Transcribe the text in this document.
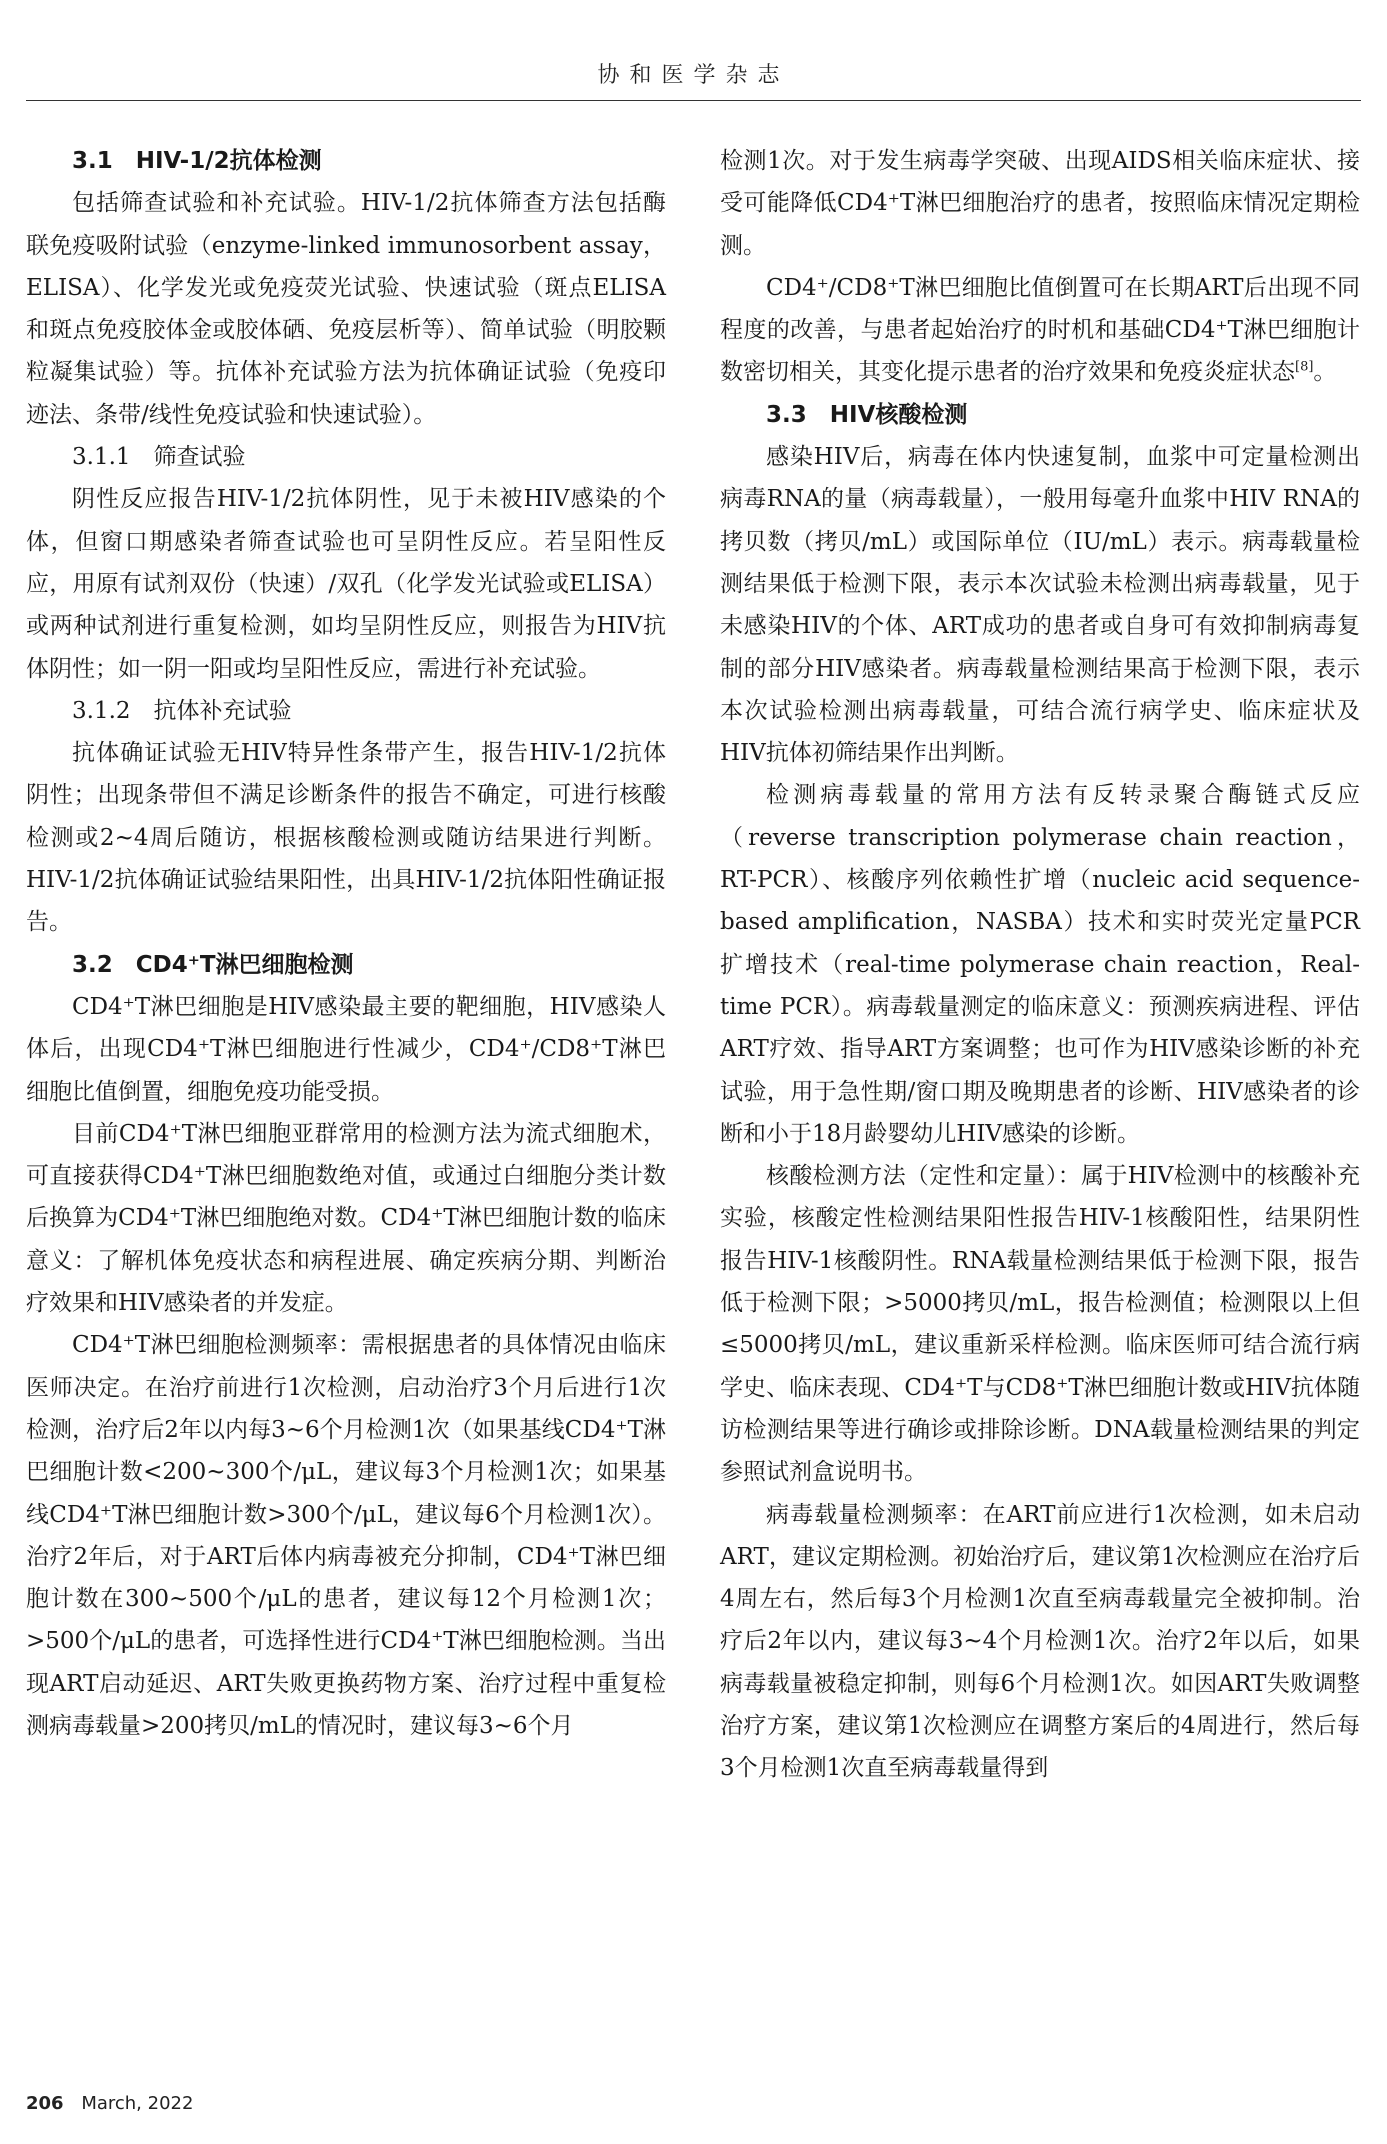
协和医学杂志

3.1　HIV-1/2抗体检测

包括筛查试验和补充试验。HIV-1/2抗体筛查方法包括酶联免疫吸附试验（enzyme-linked immunosorbent assay，ELISA）、化学发光或免疫荧光试验、快速试验（斑点ELISA和斑点免疫胶体金或胶体硒、免疫层析等）、简单试验（明胶颗粒凝集试验）等。抗体补充试验方法为抗体确证试验（免疫印迹法、条带/线性免疫试验和快速试验）。

3.1.1　筛查试验

阴性反应报告HIV-1/2抗体阴性，见于未被HIV感染的个体，但窗口期感染者筛查试验也可呈阴性反应。若呈阳性反应，用原有试剂双份（快速）/双孔（化学发光试验或ELISA）或两种试剂进行重复检测，如均呈阴性反应，则报告为HIV抗体阴性；如一阴一阳或均呈阳性反应，需进行补充试验。

3.1.2　抗体补充试验

抗体确证试验无HIV特异性条带产生，报告HIV-1/2抗体阴性；出现条带但不满足诊断条件的报告不确定，可进行核酸检测或2~4周后随访，根据核酸检测或随访结果进行判断。HIV-1/2抗体确证试验结果阳性，出具HIV-1/2抗体阳性确证报告。

3.2　CD4⁺T淋巴细胞检测

CD4⁺T淋巴细胞是HIV感染最主要的靶细胞，HIV感染人体后，出现CD4⁺T淋巴细胞进行性减少，CD4⁺/CD8⁺T淋巴细胞比值倒置，细胞免疫功能受损。

目前CD4⁺T淋巴细胞亚群常用的检测方法为流式细胞术，可直接获得CD4⁺T淋巴细胞数绝对值，或通过白细胞分类计数后换算为CD4⁺T淋巴细胞绝对数。CD4⁺T淋巴细胞计数的临床意义：了解机体免疫状态和病程进展、确定疾病分期、判断治疗效果和HIV感染者的并发症。

CD4⁺T淋巴细胞检测频率：需根据患者的具体情况由临床医师决定。在治疗前进行1次检测，启动治疗3个月后进行1次检测，治疗后2年以内每3~6个月检测1次（如果基线CD4⁺T淋巴细胞计数<200~300个/μL，建议每3个月检测1次；如果基线CD4⁺T淋巴细胞计数>300个/μL，建议每6个月检测1次）。治疗2年后，对于ART后体内病毒被充分抑制，CD4⁺T淋巴细胞计数在300~500个/μL的患者，建议每12个月检测1次；>500个/μL的患者，可选择性进行CD4⁺T淋巴细胞检测。当出现ART启动延迟、ART失败更换药物方案、治疗过程中重复检测病毒载量>200拷贝/mL的情况时，建议每3~6个月

检测1次。对于发生病毒学突破、出现AIDS相关临床症状、接受可能降低CD4⁺T淋巴细胞治疗的患者，按照临床情况定期检测。

CD4⁺/CD8⁺T淋巴细胞比值倒置可在长期ART后出现不同程度的改善，与患者起始治疗的时机和基础CD4⁺T淋巴细胞计数密切相关，其变化提示患者的治疗效果和免疫炎症状态[8]。

3.3　HIV核酸检测

感染HIV后，病毒在体内快速复制，血浆中可定量检测出病毒RNA的量（病毒载量），一般用每毫升血浆中HIV RNA的拷贝数（拷贝/mL）或国际单位（IU/mL）表示。病毒载量检测结果低于检测下限，表示本次试验未检测出病毒载量，见于未感染HIV的个体、ART成功的患者或自身可有效抑制病毒复制的部分HIV感染者。病毒载量检测结果高于检测下限，表示本次试验检测出病毒载量，可结合流行病学史、临床症状及HIV抗体初筛结果作出判断。

检测病毒载量的常用方法有反转录聚合酶链式反应（reverse transcription polymerase chain reaction，RT-PCR）、核酸序列依赖性扩增（nucleic acid sequence-based amplification，NASBA）技术和实时荧光定量PCR扩增技术（real-time polymerase chain reaction，Real-time PCR）。病毒载量测定的临床意义：预测疾病进程、评估ART疗效、指导ART方案调整；也可作为HIV感染诊断的补充试验，用于急性期/窗口期及晚期患者的诊断、HIV感染者的诊断和小于18月龄婴幼儿HIV感染的诊断。

核酸检测方法（定性和定量）：属于HIV检测中的核酸补充实验，核酸定性检测结果阳性报告HIV-1核酸阳性，结果阴性报告HIV-1核酸阴性。RNA载量检测结果低于检测下限，报告低于检测下限；>5000拷贝/mL，报告检测值；检测限以上但≤5000拷贝/mL，建议重新采样检测。临床医师可结合流行病学史、临床表现、CD4⁺T与CD8⁺T淋巴细胞计数或HIV抗体随访检测结果等进行确诊或排除诊断。DNA载量检测结果的判定参照试剂盒说明书。

病毒载量检测频率：在ART前应进行1次检测，如未启动ART，建议定期检测。初始治疗后，建议第1次检测应在治疗后4周左右，然后每3个月检测1次直至病毒载量完全被抑制。治疗后2年以内，建议每3~4个月检测1次。治疗2年以后，如果病毒载量被稳定抑制，则每6个月检测1次。如因ART失败调整治疗方案，建议第1次检测应在调整方案后的4周进行，然后每3个月检测1次直至病毒载量得到

206 March, 2022
